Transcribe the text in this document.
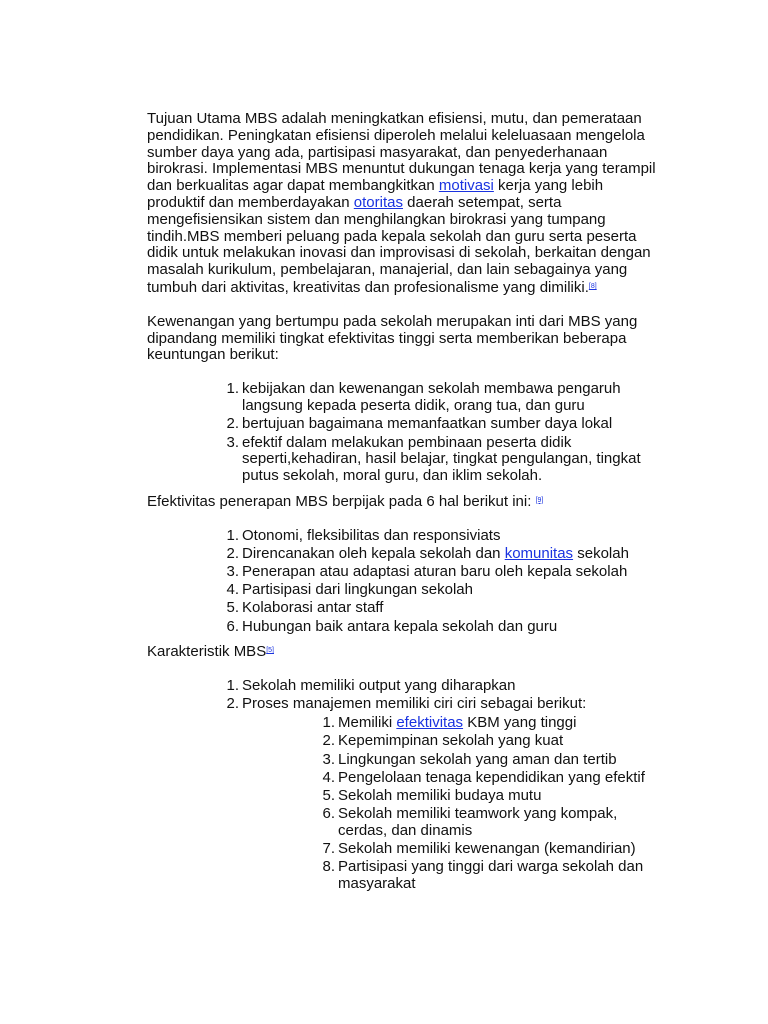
Tujuan Utama MBS adalah meningkatkan efisiensi, mutu, dan pemerataan pendidikan. Peningkatan efisiensi diperoleh melalui keleluasaan mengelola sumber daya yang ada, partisipasi masyarakat, dan penyederhanaan birokrasi. Implementasi MBS menuntut dukungan tenaga kerja yang terampil dan berkualitas agar dapat membangkitkan motivasi kerja yang lebih produktif dan memberdayakan otoritas daerah setempat, serta mengefisiensikan sistem dan menghilangkan birokrasi yang tumpang tindih.MBS memberi peluang pada kepala sekolah dan guru serta peserta didik untuk melakukan inovasi dan improvisasi di sekolah, berkaitan dengan masalah kurikulum, pembelajaran, manajerial, dan lain sebagainya yang tumbuh dari aktivitas, kreativitas dan profesionalisme yang dimiliki.[8]

Kewenangan yang bertumpu pada sekolah merupakan inti dari MBS yang dipandang memiliki tingkat efektivitas tinggi serta memberikan beberapa keuntungan berikut:

1. kebijakan dan kewenangan sekolah membawa pengaruh langsung kepada peserta didik, orang tua, dan guru
2. bertujuan bagaimana memanfaatkan sumber daya lokal
3. efektif dalam melakukan pembinaan peserta didik seperti,kehadiran, hasil belajar, tingkat pengulangan, tingkat putus sekolah, moral guru, dan iklim sekolah.

Efektivitas penerapan MBS berpijak pada 6 hal berikut ini: [9]

1. Otonomi, fleksibilitas dan responsiviats
2. Direncanakan oleh kepala sekolah dan komunitas sekolah
3. Penerapan atau adaptasi aturan baru oleh kepala sekolah
4. Partisipasi dari lingkungan sekolah
5. Kolaborasi antar staff
6. Hubungan baik antara kepala sekolah dan guru

Karakteristik MBS[5]

1. Sekolah memiliki output yang diharapkan
2. Proses manajemen memiliki ciri ciri sebagai berikut:
1. Memiliki efektivitas KBM yang tinggi
2. Kepemimpinan sekolah yang kuat
3. Lingkungan sekolah yang aman dan tertib
4. Pengelolaan tenaga kependidikan yang efektif
5. Sekolah memiliki budaya mutu
6. Sekolah memiliki teamwork yang kompak, cerdas, dan dinamis
7. Sekolah memiliki kewenangan (kemandirian)
8. Partisipasi yang tinggi dari warga sekolah dan masyarakat
